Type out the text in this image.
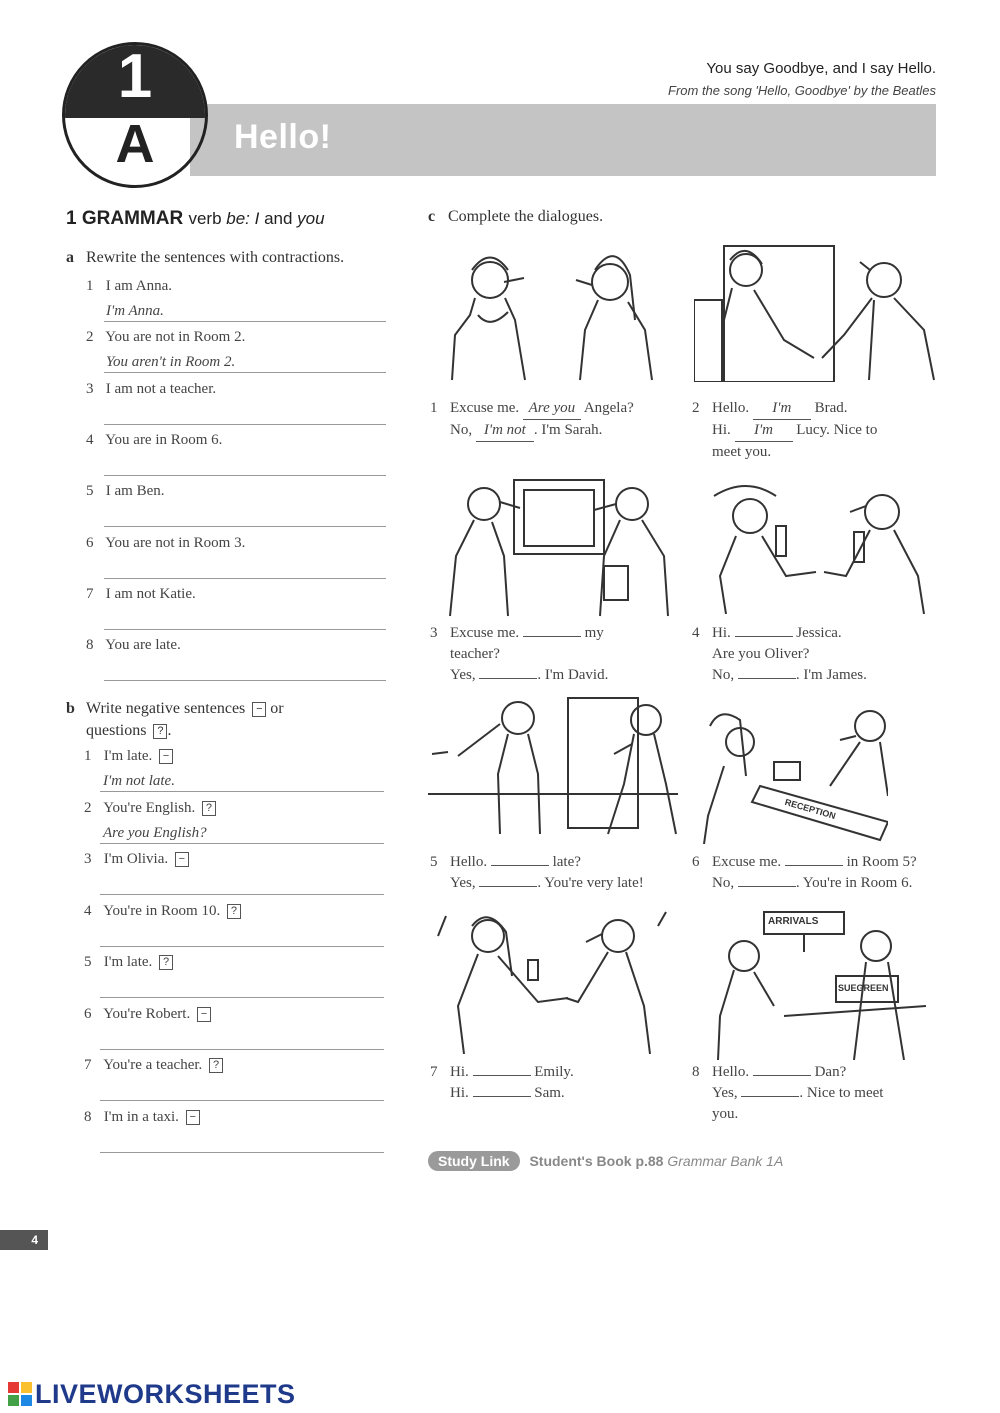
1
A	Hello!
You say Goodbye, and I say Hello.
From the song 'Hello, Goodbye' by the Beatles
1 GRAMMAR verb be: I and you
a Rewrite the sentences with contractions.
1 I am Anna.
I'm Anna.
2 You are not in Room 2.
You aren't in Room 2.
3 I am not a teacher.
4 You are in Room 6.
5 I am Ben.
6 You are not in Room 3.
7 I am not Katie.
8 You are late.
b Write negative sentences − or
questions ? .
1 I'm late. −
I'm not late.
2 You're English. ?
Are you English?
3 I'm Olivia. −
4 You're in Room 10. ?
5 I'm late. ?
6 You're Robert. −
7 You're a teacher. ?
8 I'm in a taxi. −
c Complete the dialogues.
ARRIVALS
SUEGREEN
RECEPTION
1 Excuse me. Are you Angela?
No, I'm not . I'm Sarah.
2 Hello. I'm Brad.
Hi. I'm Lucy. Nice to
meet you.
3 Excuse me.	my
teacher?
Yes,	. I'm David.
4 Hi.	Jessica.
Are you Oliver?
No,	. I'm James.
5 Hello.	late?
Yes,	. You're very late!
6 Excuse me.	in Room 5?
No,	. You're in Room 6.
7 Hi.	Emily.
Hi.	Sam.
8 Hello.	Dan?
Yes,	. Nice to meet
you.
Study Link Student's Book p.88 Grammar Bank 1A
4
LIVEWORKSHEETS
